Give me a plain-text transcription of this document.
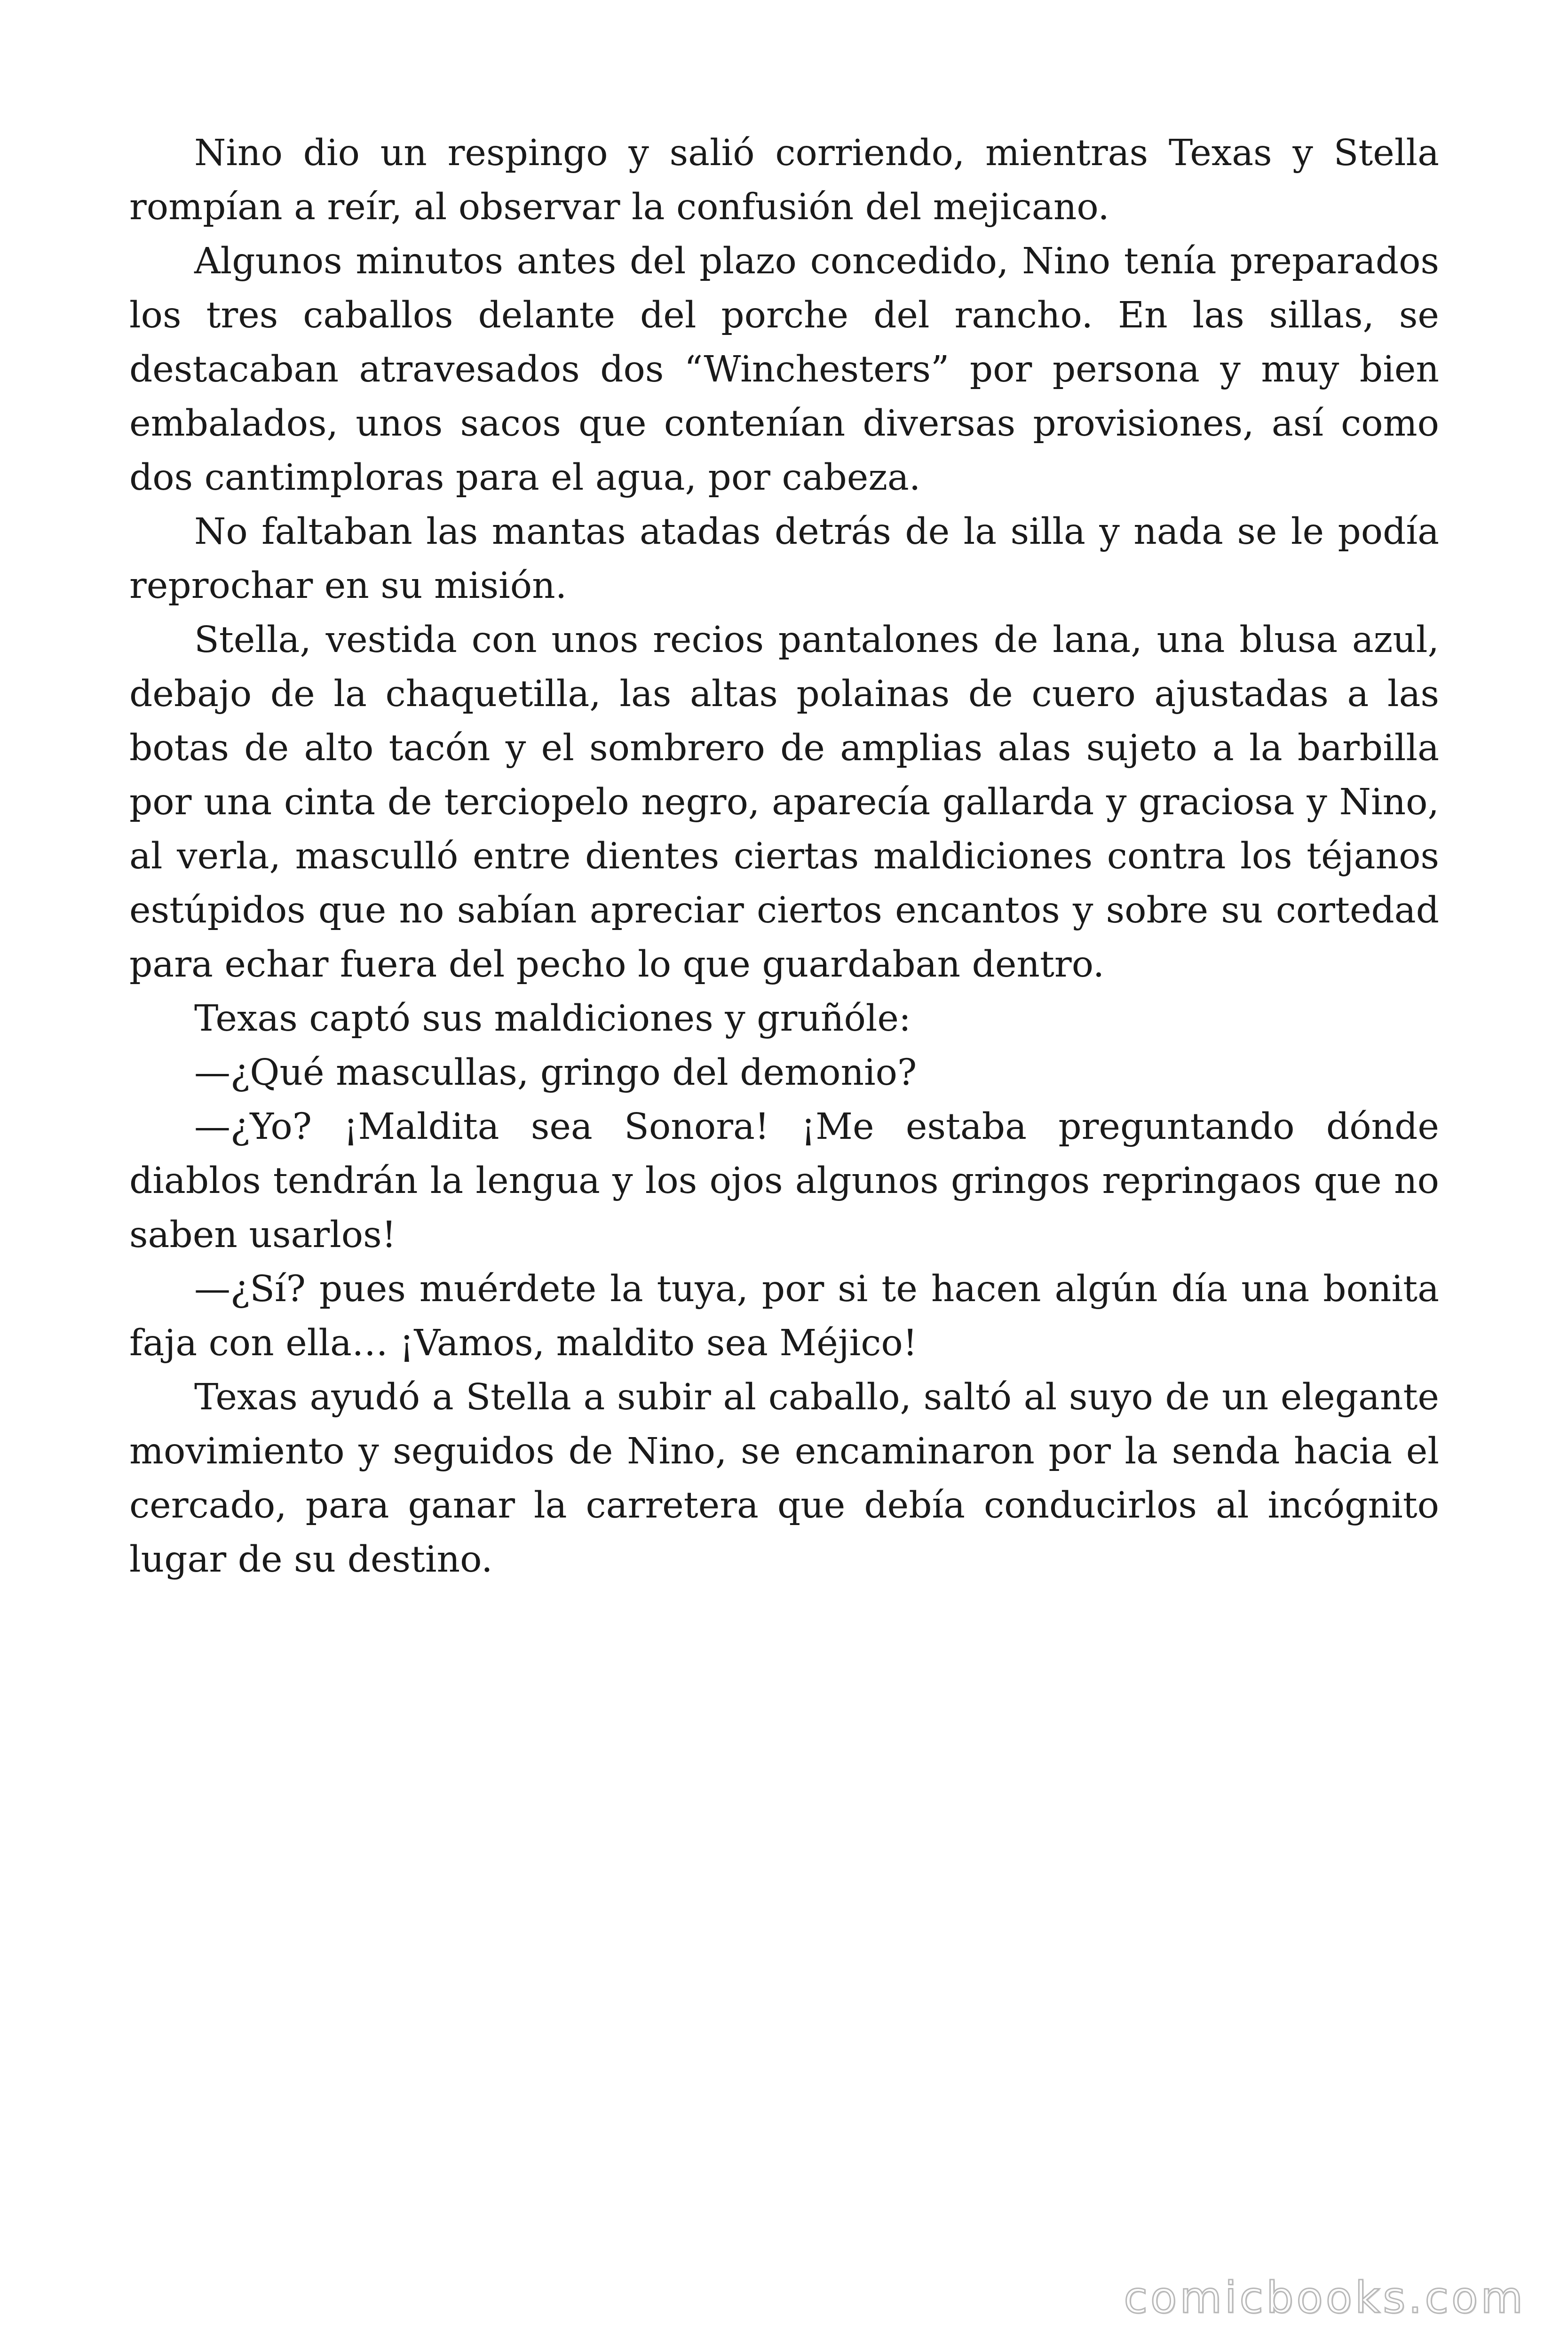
Nino dio un respingo y salió corriendo, mientras Texas y Stella rompían a reír, al observar la confusión del mejicano.

Algunos minutos antes del plazo concedido, Nino tenía preparados los tres caballos delante del porche del rancho. En las sillas, se destacaban atravesados dos “Winchesters” por persona y muy bien embalados, unos sacos que contenían diversas provisiones, así como dos cantimploras para el agua, por cabeza.

No faltaban las mantas atadas detrás de la silla y nada se le podía reprochar en su misión.

Stella, vestida con unos recios pantalones de lana, una blusa azul, debajo de la chaquetilla, las altas polainas de cuero ajustadas a las botas de alto tacón y el sombrero de amplias alas sujeto a la barbilla por una cinta de terciopelo negro, aparecía gallarda y graciosa y Nino, al verla, masculló entre dientes ciertas maldiciones contra los téjanos estúpidos que no sabían apreciar ciertos encantos y sobre su cortedad para echar fuera del pecho lo que guardaban dentro.

Texas captó sus maldiciones y gruñóle:

—¿Qué mascullas, gringo del demonio?

—¿Yo? ¡Maldita sea Sonora! ¡Me estaba preguntando dónde diablos tendrán la lengua y los ojos algunos gringos repringaos que no saben usarlos!

—¿Sí? pues muérdete la tuya, por si te hacen algún día una bonita faja con ella… ¡Vamos, maldito sea Méjico!

Texas ayudó a Stella a subir al caballo, saltó al suyo de un elegante movimiento y seguidos de Nino, se encaminaron por la senda hacia el cercado, para ganar la carretera que debía conducirlos al incógnito lugar de su destino.

comicbooks.com
